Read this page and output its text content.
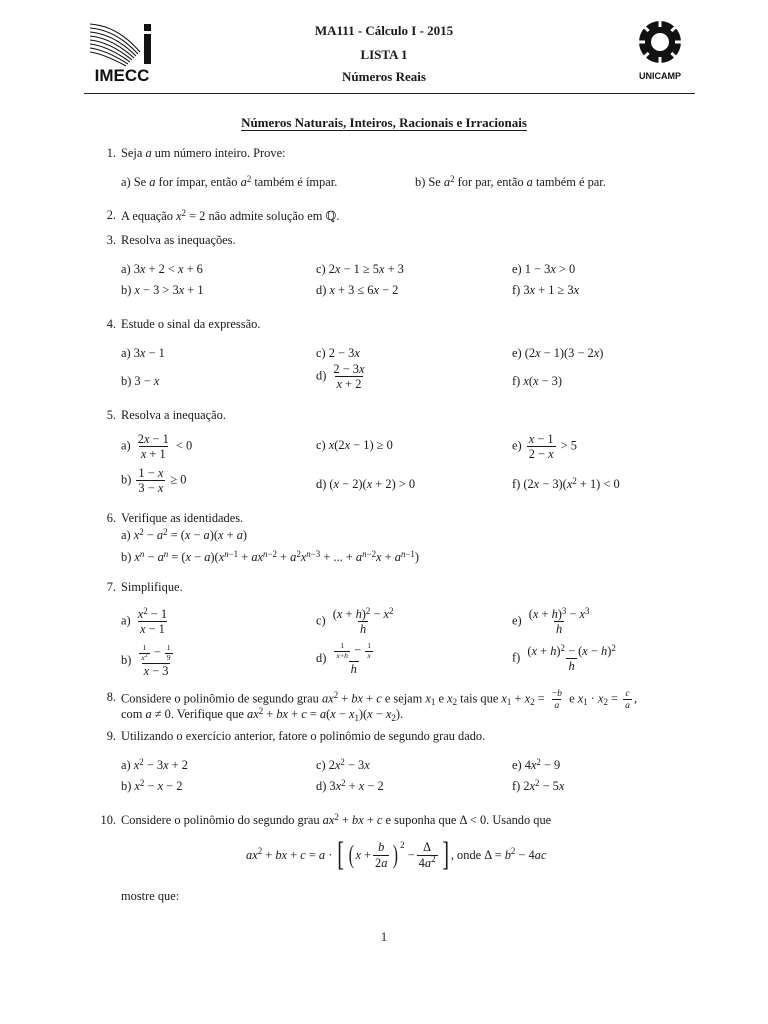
IMECC
MA111 - Cálculo I - 2015
LISTA 1
Números Reais	UNICAMP
Números Naturais, Inteiros, Racionais e Irracionais
1. Seja a um número inteiro. Prove:
a) Se a for ímpar, então $a^2$ também é ímpar.	b) Se $a^2$ for par, então a também é par.
2. A equação $x^2 = 2$ não admite solução em ℚ.
3. Resolva as inequações.
a) 3x + 2 < x + 6
b) x − 3 > 3x + 1
c) 2x − 1 ≥ 5x + 3
d) x + 3 ≤ 6x − 2
e) 1 − 3x > 0
f) 3x + 1 ≥ 3x
4. Estude o sinal da expressão.
a) 3x − 1
b) 3 − x
c) 2 − 3x
$d) \frac{2 - 3x}{x + 2}$
e) (2x − 1)(3 − 2x)
f) x(x − 3)
5. Resolva a inequação.
$a) \frac{2x - 1}{x + 1} < 0$
$b) \frac{1 - x}{3 - x} \ge 0$
c) x(2x − 1) ≥ 0
d) (x − 2)(x + 2) > 0
$e) \frac{x - 1}{2 - x} > 5$
f) $(2x - 3)(x^2 + 1) < 0$
6. Verifique as identidades.
a) $x^2 - a^2 = (x - a)(x + a)$
b) $x^n - a^n = (x - a)(x^{n-1} + ax^{n-2} + a^2x^{n-3}$ + ... + $a^{n-2}x + a^{n-1}$)
7. Simplifique.
$a) \frac{x^2 - 1}{x - 1}$
$b) \frac{\frac{1}{x^2} - \frac{1}{9}}{x - 3}$
$c) \frac{(x + h)^2 - x^2}{h}$
$d) \frac{\frac{1}{x+h} - \frac{1}{x}}{h}$
$e) \frac{(x + h)^3 - x^3}{h}$
$f) \frac{(x + h)^2 - (x - h)^2}{h}$
8. Considere o polinômio de segundo grau $ax^2$ + bx + c e sejam $x_1$ e $x_2$ tais que $x_1 + x_2 = \frac{-b}{a}$ e $x_1 \cdot x_2 = \frac{c}{a}$ ,
com a ≠ 0. Verifique que $ax^2$ + bx + $c = a(x - x_1)(x - x_2)$.
9. Utilizando o exercício anterior, fatore o polinômio de segundo grau dado.
a) $x^2 - 3x + 2$
b) $x^2 - x - 2$
c) $2x^2 - 3x$
d) $3x^2 + x - 2$
e) $4x^2 - 9$
f) $2x^2 - 5x$
10. Considere o polinômio do segundo grau $ax^2$ + bx + c e suponha que Δ < 0. Usando que
$ax^2$ + bx + c = a · [ ( $x + \frac{b}{2a} )^2$
− $\frac{\Delta}{4a^2}$ ] , onde $\Delta = b^2 - 4ac$
mostre que:
1
